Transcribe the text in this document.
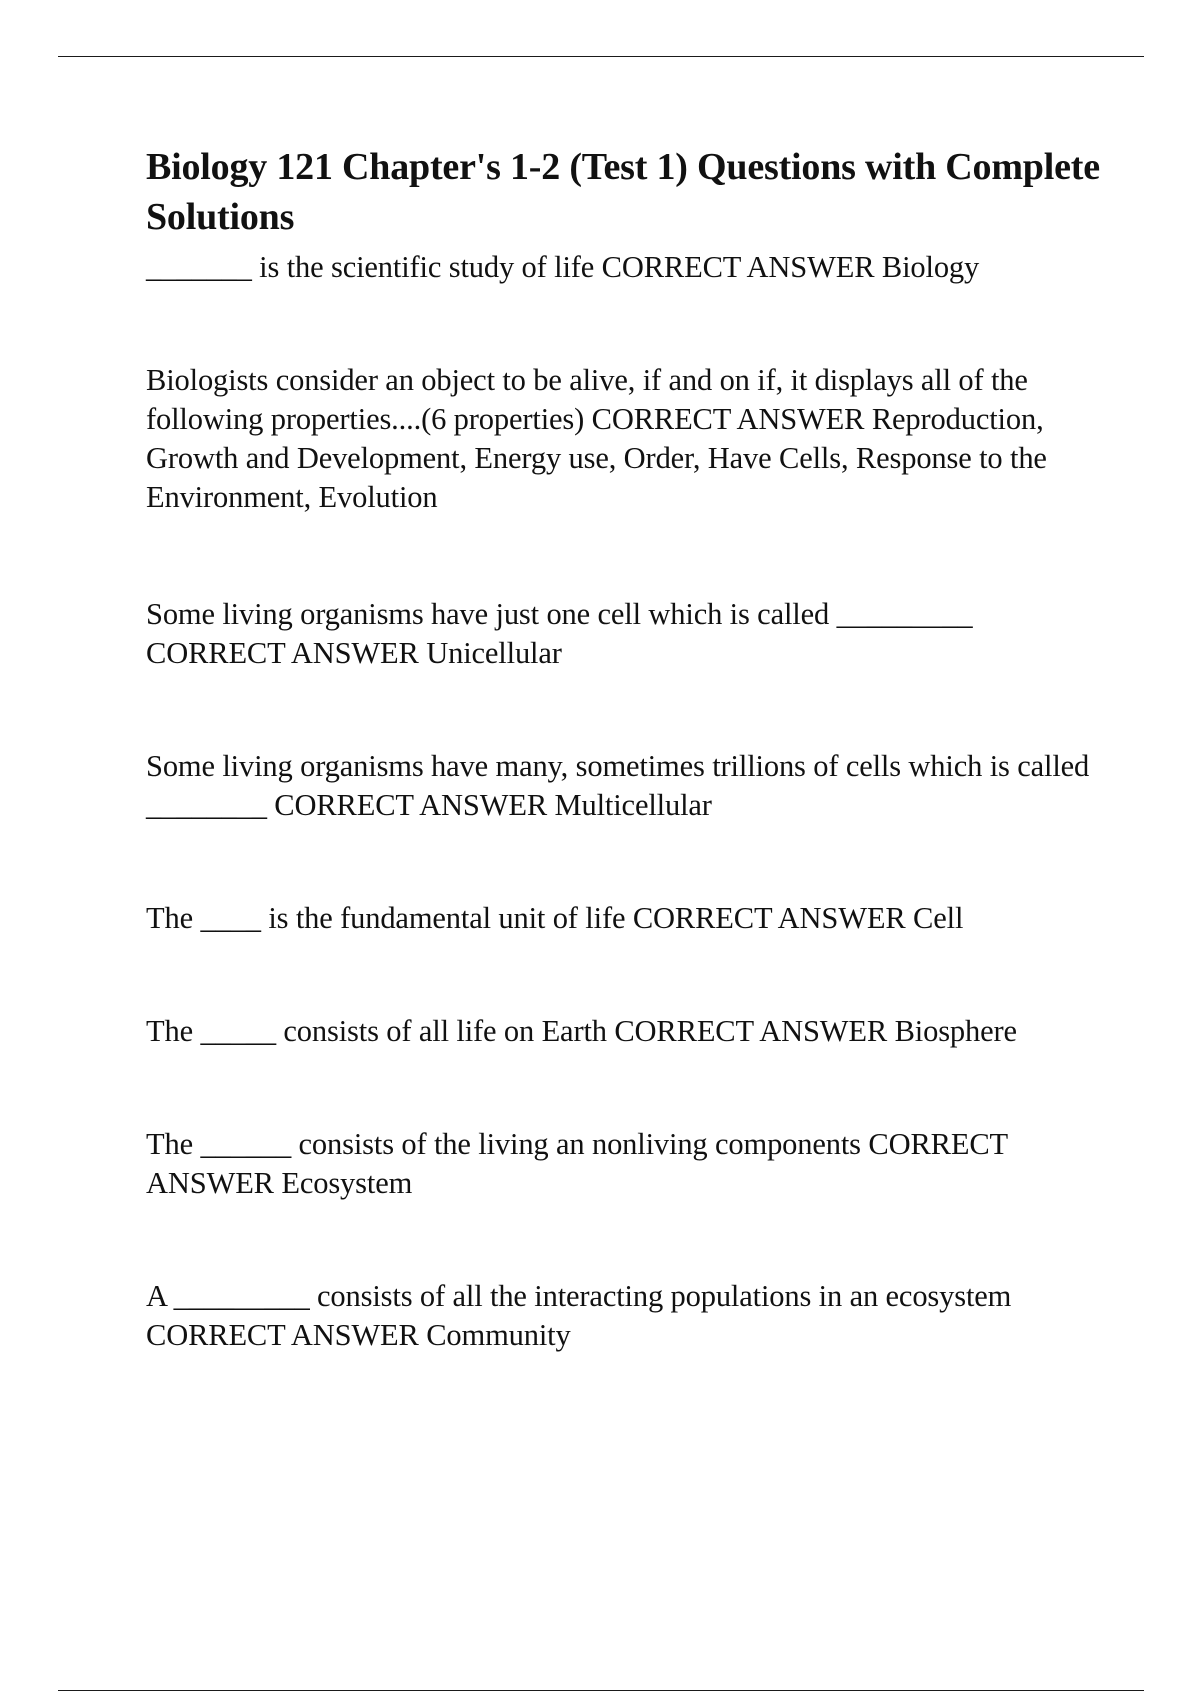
Biology 121 Chapter's 1-2 (Test 1) Questions with Complete Solutions

_______ is the scientific study of life CORRECT ANSWER Biology

Biologists consider an object to be alive, if and on if, it displays all of the following properties....(6 properties) CORRECT ANSWER Reproduction, Growth and Development, Energy use, Order, Have Cells, Response to the Environment, Evolution

Some living organisms have just one cell which is called _________ CORRECT ANSWER Unicellular

Some living organisms have many, sometimes trillions of cells which is called ________ CORRECT ANSWER Multicellular

The ____ is the fundamental unit of life CORRECT ANSWER Cell

The _____ consists of all life on Earth CORRECT ANSWER Biosphere

The ______ consists of the living an nonliving components CORRECT ANSWER Ecosystem

A _________ consists of all the interacting populations in an ecosystem CORRECT ANSWER Community
